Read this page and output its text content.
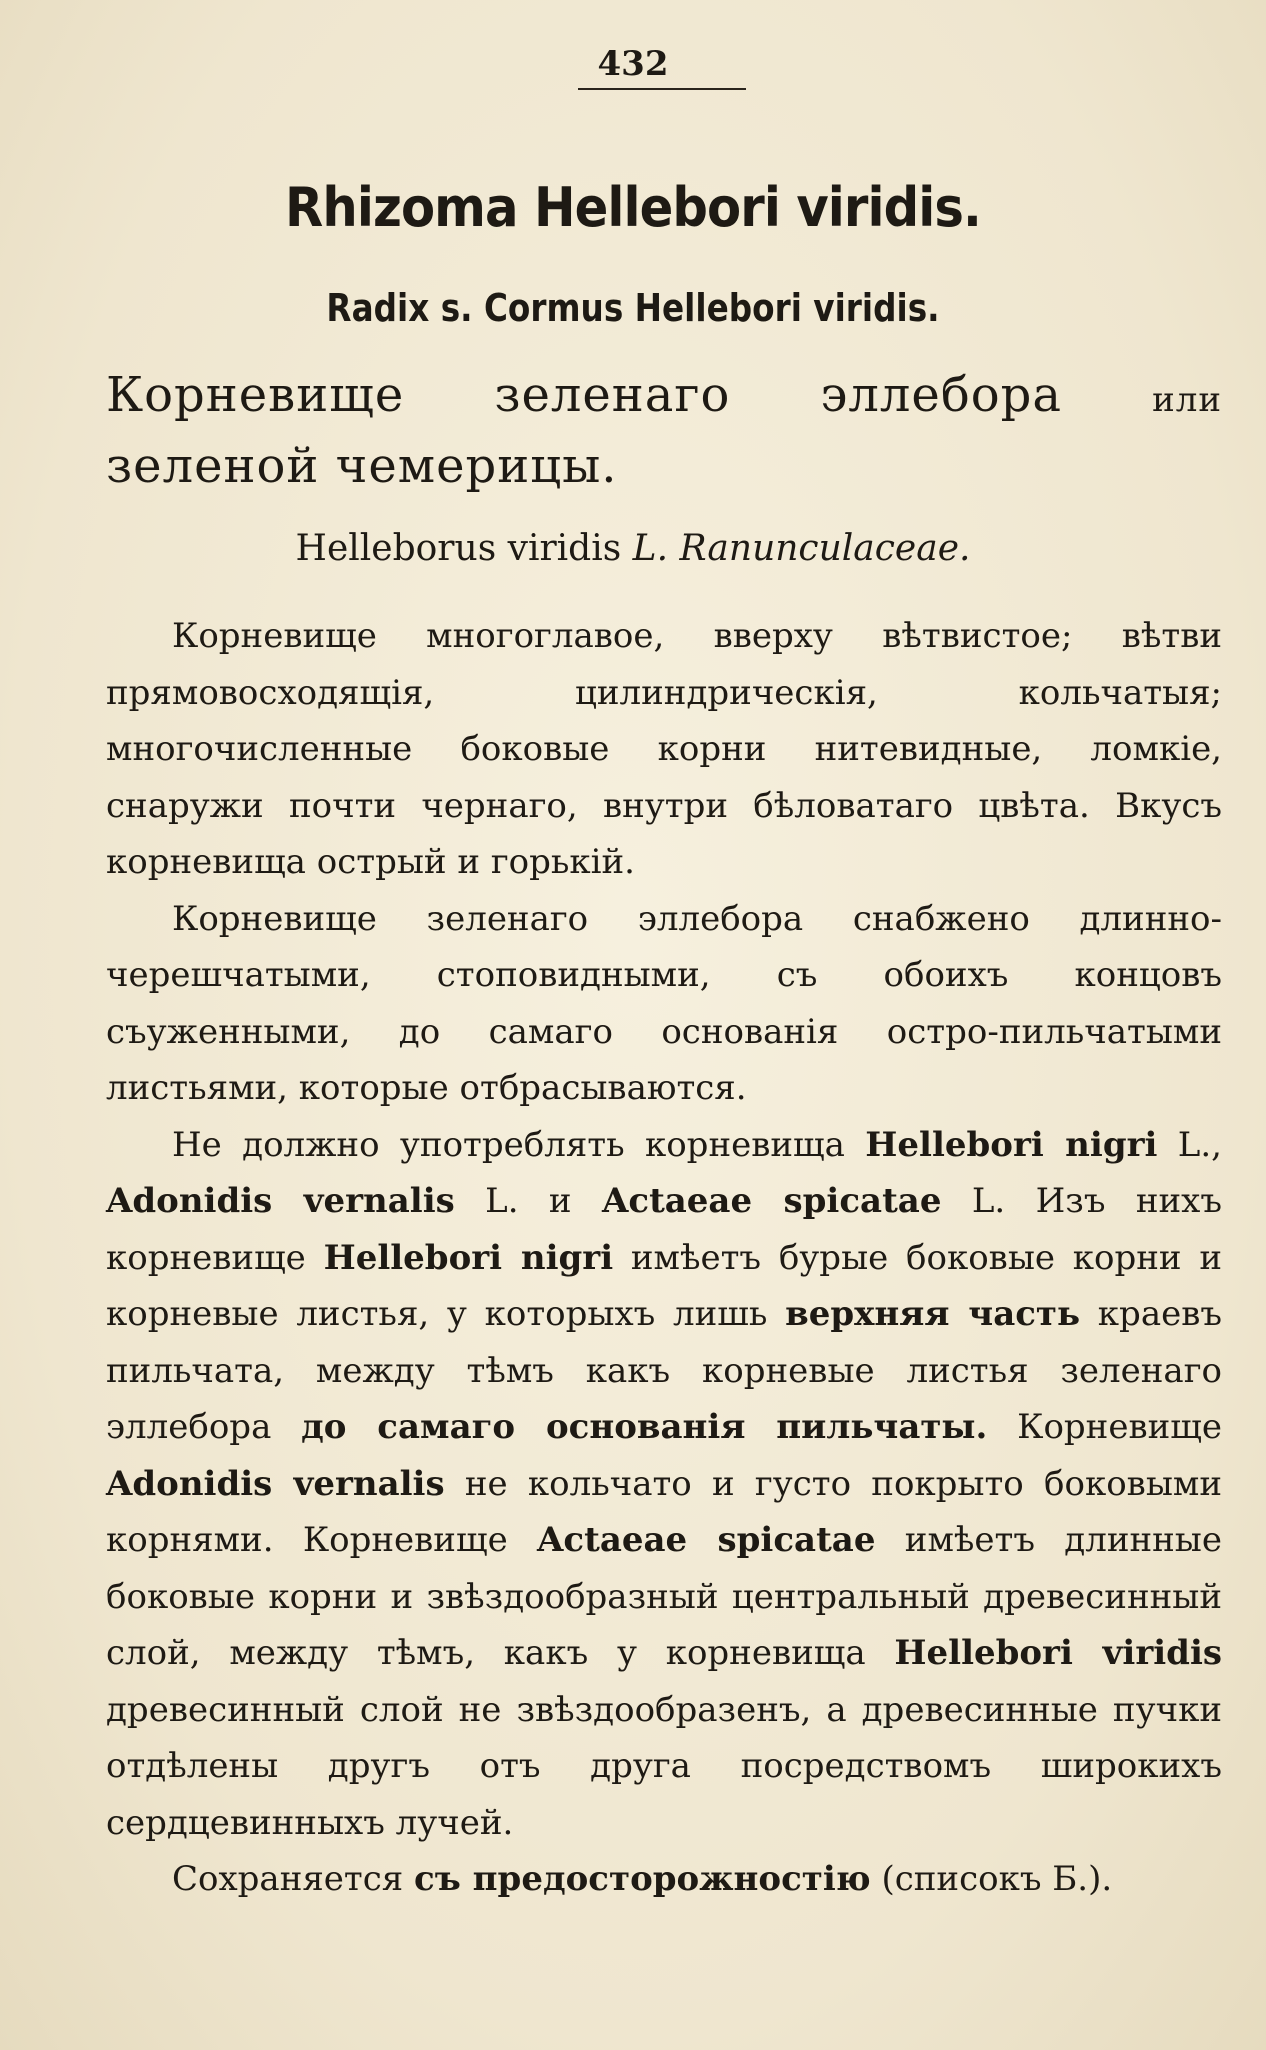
432
Rhizoma Hellebori viridis.
Radix s. Cormus Hellebori viridis.
Корневище зеленаго эллебора	или зеленой чемерицы.
Helleborus viridis L. Ranunculaceae.

Корневище многоглавое, вверху вѣтвистое; вѣтви прямовосходящія, цилиндрическія, кольчатыя; многочисленные боковые корни нитевидные, ломкіе, снаружи почти чернаго, внутри бѣловатаго цвѣта. Вкусъ корневища острый и горькій.

Корневище зеленаго эллебора снабжено длинно-черешчатыми, стоповидными, съ обоихъ концовъ съуженными, до самаго основанія остро-пильчатыми листьями, которые отбрасываются.

Не должно употреблять корневища Hellebori nigri L., Adonidis vernalis L. и Actaeae spicatae L. Изъ нихъ корневище Hellebori nigri имѣетъ бурые боковые корни и корневые листья, у которыхъ лишь верхняя часть краевъ пильчата, между тѣмъ какъ корневые листья зеленаго эллебора до самаго основанія пильчаты. Корневище Adonidis vernalis не кольчато и густо покрыто боковыми корнями. Корневище Actaeae spicatae имѣетъ длинные боковые корни и звѣздообразный центральный древесинный слой, между тѣмъ, какъ у корневища Hellebori viridis древесинный слой не звѣздообразенъ, а древесинные пучки отдѣлены другъ отъ друга посредствомъ широкихъ сердцевинныхъ лучей.

Сохраняется съ предосторожностію (списокъ Б.).
